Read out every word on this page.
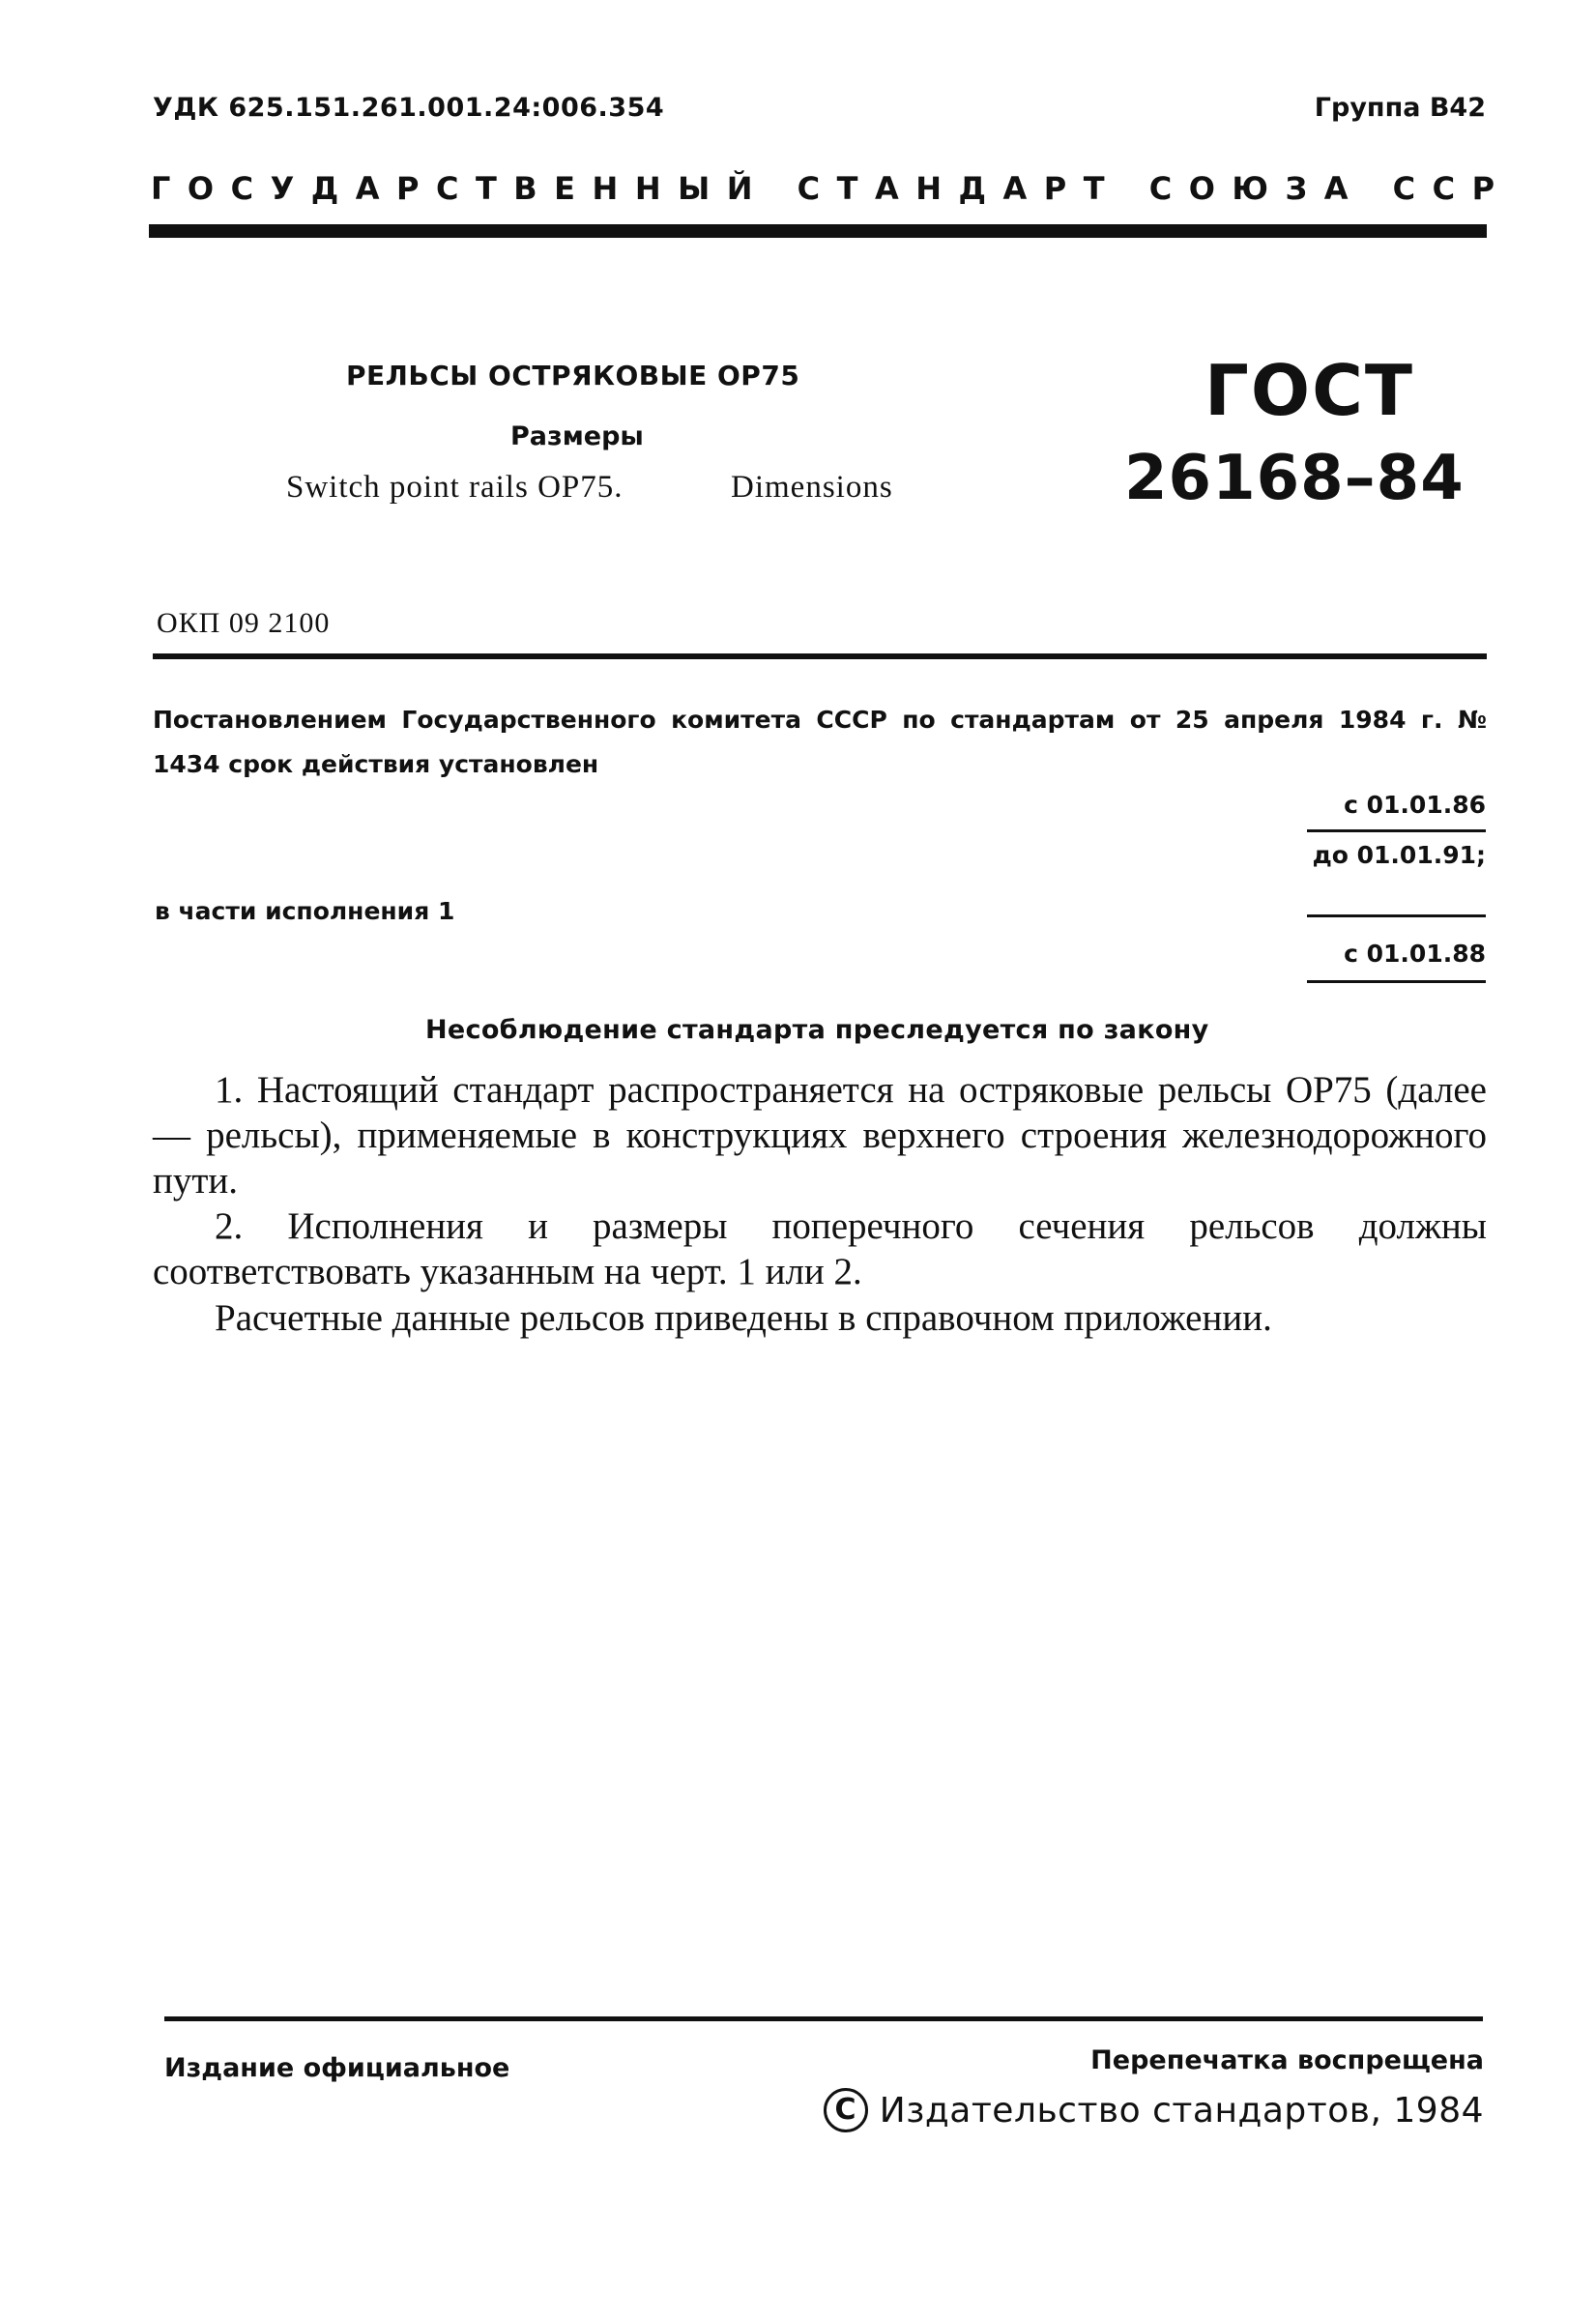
УДК 625.151.261.001.24:006.354	Группа В42
ГОСУДАРСТВЕННЫЙ СТАНДАРТ СОЮЗА ССР
РЕЛЬСЫ ОСТРЯКОВЫЕ ОР75
Размеры
Switch point rails OP75.	Dimensions
ГОСТ
26168–84
ОКП 09 2100
Постановлением Государственного комитета СССР по стандартам от 25 апреля 1984 г. № 1434 срок действия установлен
с 01.01.86
до 01.01.91;
в части исполнения 1
с 01.01.88
Несоблюдение стандарта преследуется по закону
1. Настоящий стандарт распространяется на остряковые рельсы ОР75 (далее — рельсы), применяемые в конструкциях верхнего строения железнодорожного пути.
2. Исполнения и размеры поперечного сечения рельсов должны соответствовать указанным на черт. 1 или 2.
Расчетные данные рельсов приведены в справочном приложении.
Издание официальное	Перепечатка воспрещена
C Издательство стандартов, 1984
